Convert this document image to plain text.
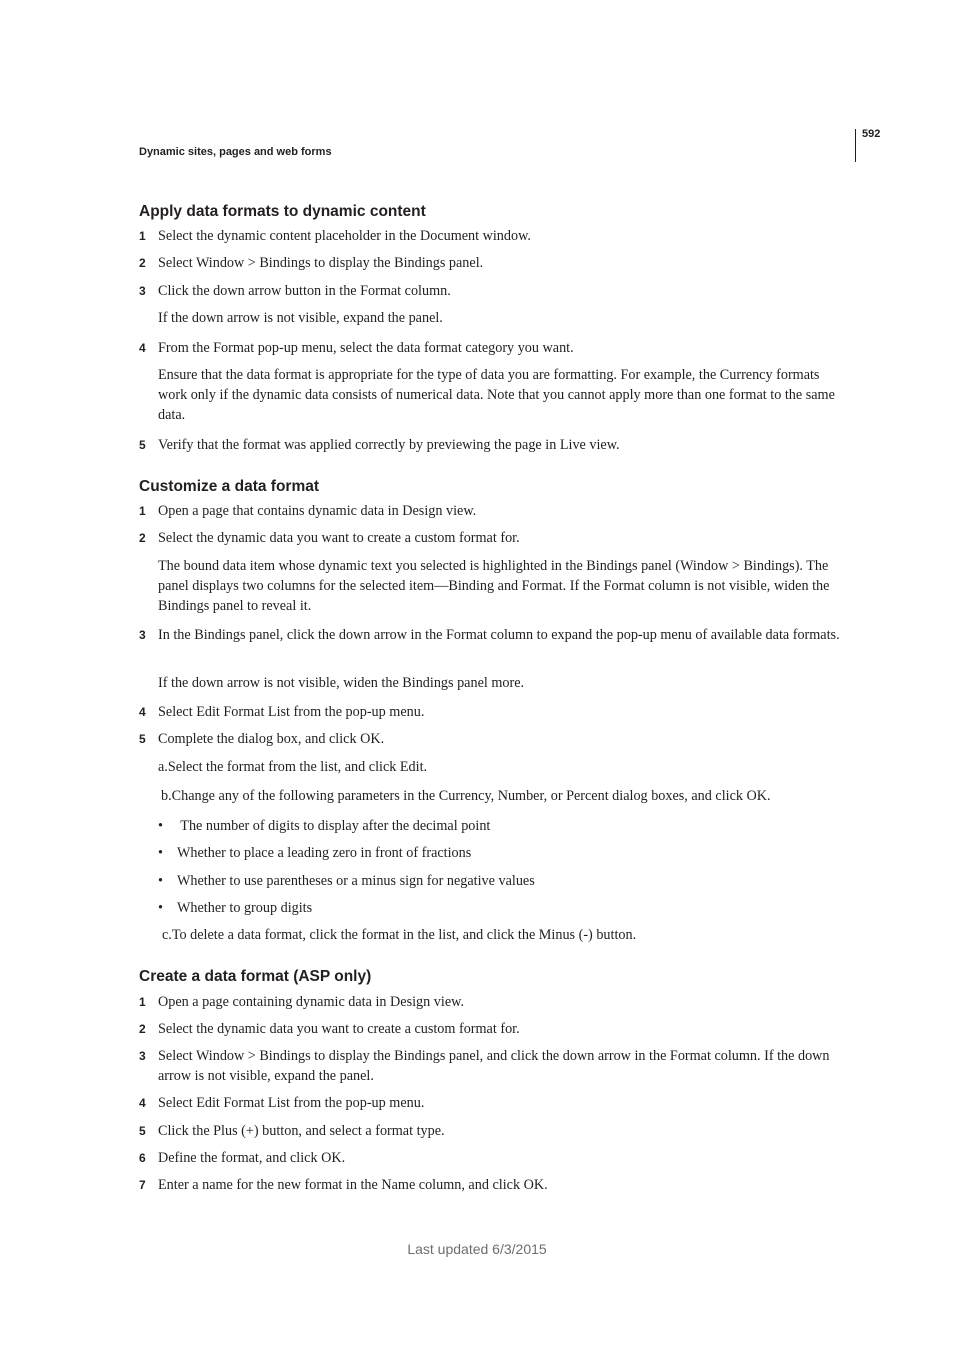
Dynamic sites, pages and web forms
592
Apply data formats to dynamic content
1 Select the dynamic content placeholder in the Document window.
2 Select Window > Bindings to display the Bindings panel.
3 Click the down arrow button in the Format column.
If the down arrow is not visible, expand the panel.
4 From the Format pop-up menu, select the data format category you want.
Ensure that the data format is appropriate for the type of data you are formatting. For example, the Currency formats work only if the dynamic data consists of numerical data. Note that you cannot apply more than one format to the same data.
5 Verify that the format was applied correctly by previewing the page in Live view.
Customize a data format
1 Open a page that contains dynamic data in Design view.
2 Select the dynamic data you want to create a custom format for.
The bound data item whose dynamic text you selected is highlighted in the Bindings panel (Window > Bindings). The panel displays two columns for the selected item—Binding and Format. If the Format column is not visible, widen the Bindings panel to reveal it.
3 In the Bindings panel, click the down arrow in the Format column to expand the pop-up menu of available data formats.
If the down arrow is not visible, widen the Bindings panel more.
4 Select Edit Format List from the pop-up menu.
5 Complete the dialog box, and click OK.
a.Select the format from the list, and click Edit.
b.Change any of the following parameters in the Currency, Number, or Percent dialog boxes, and click OK.
• The number of digits to display after the decimal point
• Whether to place a leading zero in front of fractions
• Whether to use parentheses or a minus sign for negative values
• Whether to group digits
c.To delete a data format, click the format in the list, and click the Minus (-) button.
Create a data format (ASP only)
1 Open a page containing dynamic data in Design view.
2 Select the dynamic data you want to create a custom format for.
3 Select Window > Bindings to display the Bindings panel, and click the down arrow in the Format column. If the down arrow is not visible, expand the panel.
4 Select Edit Format List from the pop-up menu.
5 Click the Plus (+) button, and select a format type.
6 Define the format, and click OK.
7 Enter a name for the new format in the Name column, and click OK.
Last updated 6/3/2015
